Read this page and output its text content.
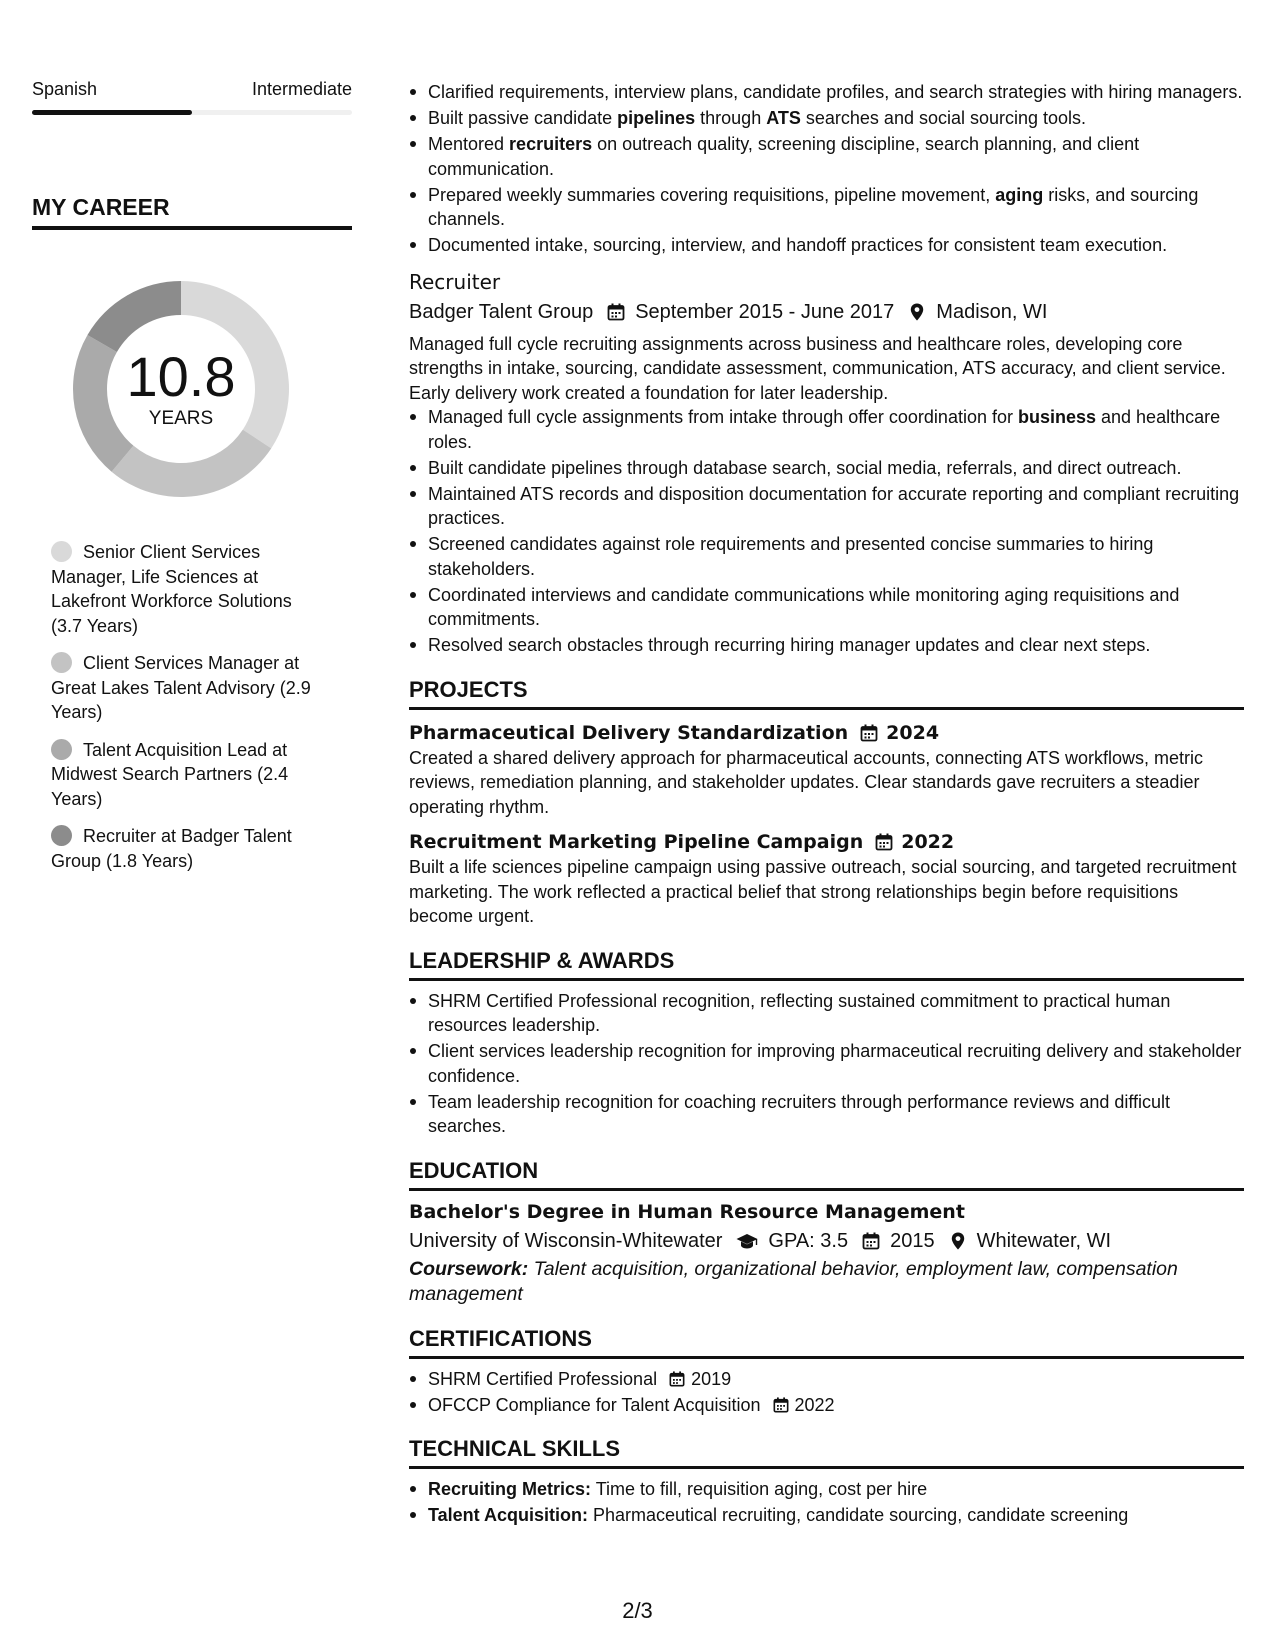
Spanish	Intermediate
MY CAREER
10.8
YEARS
Senior Client Services Manager, Life Sciences at Lakefront Workforce Solutions (3.7 Years)
Client Services Manager at Great Lakes Talent Advisory (2.9 Years)
Talent Acquisition Lead at Midwest Search Partners (2.4 Years)
Recruiter at Badger Talent Group (1.8 Years)
Clarified requirements, interview plans, candidate profiles, and search strategies with hiring managers.
Built passive candidate pipelines through ATS searches and social sourcing tools.
Mentored recruiters on outreach quality, screening discipline, search planning, and client communication.
Prepared weekly summaries covering requisitions, pipeline movement, aging risks, and sourcing channels.
Documented intake, sourcing, interview, and handoff practices for consistent team execution.
Recruiter
Badger Talent Group September 2015 - June 2017 Madison, WI
Managed full cycle recruiting assignments across business and healthcare roles, developing core strengths in intake, sourcing, candidate assessment, communication, ATS accuracy, and client service. Early delivery work created a foundation for later leadership.
Managed full cycle assignments from intake through offer coordination for business and healthcare roles.
Built candidate pipelines through database search, social media, referrals, and direct outreach.
Maintained ATS records and disposition documentation for accurate reporting and compliant recruiting practices.
Screened candidates against role requirements and presented concise summaries to hiring stakeholders.
Coordinated interviews and candidate communications while monitoring aging requisitions and commitments.
Resolved search obstacles through recurring hiring manager updates and clear next steps.
PROJECTS
Pharmaceutical Delivery Standardization 2024
Created a shared delivery approach for pharmaceutical accounts, connecting ATS workflows, metric reviews, remediation planning, and stakeholder updates. Clear standards gave recruiters a steadier operating rhythm.
Recruitment Marketing Pipeline Campaign 2022
Built a life sciences pipeline campaign using passive outreach, social sourcing, and targeted recruitment marketing. The work reflected a practical belief that strong relationships begin before requisitions become urgent.
LEADERSHIP & AWARDS
SHRM Certified Professional recognition, reflecting sustained commitment to practical human resources leadership.
Client services leadership recognition for improving pharmaceutical recruiting delivery and stakeholder confidence.
Team leadership recognition for coaching recruiters through performance reviews and difficult searches.
EDUCATION
Bachelor's Degree in Human Resource Management
University of Wisconsin-Whitewater GPA: 3.5 2015 Whitewater, WI
Coursework: Talent acquisition, organizational behavior, employment law, compensation management
CERTIFICATIONS
SHRM Certified Professional 2019
OFCCP Compliance for Talent Acquisition 2022
TECHNICAL SKILLS
Recruiting Metrics: Time to fill, requisition aging, cost per hire
Talent Acquisition: Pharmaceutical recruiting, candidate sourcing, candidate screening
2/3
